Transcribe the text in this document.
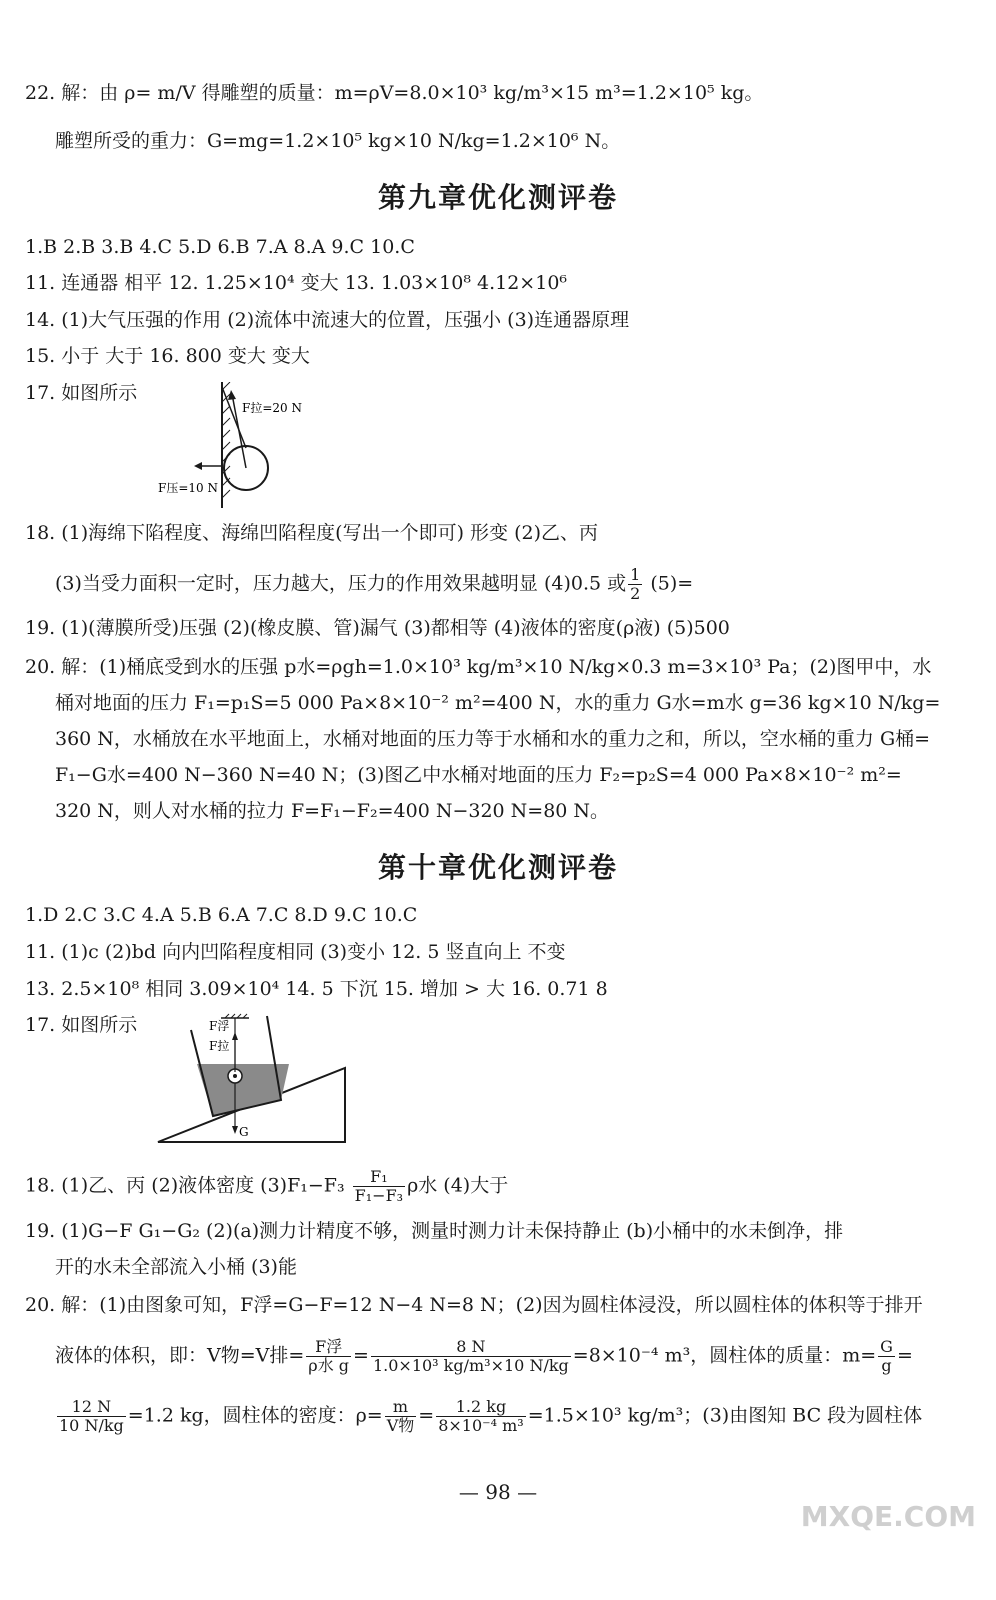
22. 解：由 ρ= m/V 得雕塑的质量：m=ρV=8.0×10³ kg/m³×15 m³=1.2×10⁵ kg。
雕塑所受的重力：G=mg=1.2×10⁵ kg×10 N/kg=1.2×10⁶ N。
第九章优化测评卷
1.B 2.B 3.B 4.C 5.D 6.B 7.A 8.A 9.C 10.C
11. 连通器 相平 12. 1.25×10⁴ 变大 13. 1.03×10⁸ 4.12×10⁶
14. (1)大气压强的作用 (2)流体中流速大的位置，压强小 (3)连通器原理
15. 小于 大于 16. 800 变大 变大
17. 如图所示
F拉=20 N
F压=10 N
18. (1)海绵下陷程度、海绵凹陷程度(写出一个即可) 形变 (2)乙、丙
(3)当受力面积一定时，压力越大，压力的作用效果越明显 (4)0.5 或 $\frac{1}{2} (5)=$
19. (1)(薄膜所受)压强 (2)(橡皮膜、管)漏气 (3)都相等 (4)液体的密度(ρ液) (5)500
20. 解：(1)桶底受到水的压强 p水=ρgh=1.0×10³ kg/m³×10 N/kg×0.3 m=3×10³ Pa；(2)图甲中，水
桶对地面的压力 F₁=p₁S=5 000 Pa×8×10⁻² m²=400 N，水的重力 G水=m水 g=36 kg×10 N/kg=
360 N，水桶放在水平地面上，水桶对地面的压力等于水桶和水的重力之和，所以，空水桶的重力 G桶=
F₁−G水=400 N−360 N=40 N；(3)图乙中水桶对地面的压力 F₂=p₂S=4 000 Pa×8×10⁻² m²=
320 N，则人对水桶的拉力 F=F₁−F₂=400 N−320 N=80 N。
第十章优化测评卷
1.D 2.C 3.C 4.A 5.B 6.A 7.C 8.D 9.C 10.C
11. (1)c (2)bd 向内凹陷程度相同 (3)变小 12. 5 竖直向上 不变
13. 2.5×10⁸ 相同 3.09×10⁴ 14. 5 下沉 15. 增加 > 大 16. 0.71 8
17. 如图所示	F浮
F拉
G
18. (1)乙、丙 (2)液体密度 $(3)F_1-F_3 \frac{\text{F₁}}{\text{F₁−F₃}}$ ρ水 (4)大于
19. (1)G−F G₁−G₂ (2)(a)测力计精度不够，测量时测力计未保持静止 (b)小桶中的水未倒净，排
开的水未全部流入小桶 (3)能
20. 解：(1)由图象可知，F浮=G−F=12 N−4 N=8 N；(2)因为圆柱体浸没，所以圆柱体的体积等于排开
液体的体积，即：V物=V排= $\frac{\text{F浮}}{\text{ρ水 g}} = \frac{8 N}{\text{1.0×10³ kg/m³×10 N/kg}} =8\times 10^{-4}$ m³，圆柱体的质量：$m= \frac{G}{g}$ =
$\frac{12 N}{10 N/kg} =1.2$ kg，圆柱体的密度：$\rho= \frac{m}{\text{V物}} = \frac{1.2 kg}{\text{8×10⁻⁴ m³}} =1.5\times 10^3$ kg/m³；(3)由图知 BC 段为圆柱体
— 98 —
MXQE.COM
